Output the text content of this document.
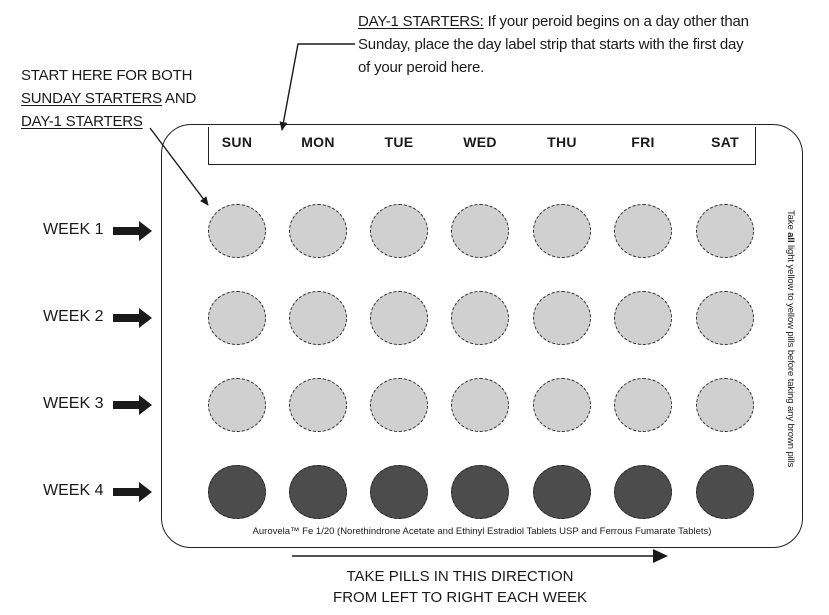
DAY-1 STARTERS: If your peroid begins on a day other than
Sunday, place the day label strip that starts with the first day
of your peroid here.
START HERE FOR BOTH
SUNDAY STARTERS AND
DAY-1 STARTERS
SUN	MON	TUE	WED	THU	FRI	SAT
WEEK 1
WEEK 2
WEEK 3
WEEK 4
Take all light yellow to yellow pills before taking any brown pills
Aurovela™ Fe 1/20 (Norethindrone Acetate and Ethinyl Estradiol Tablets USP and Ferrous Fumarate Tablets)
TAKE PILLS IN THIS DIRECTION
FROM LEFT TO RIGHT EACH WEEK
